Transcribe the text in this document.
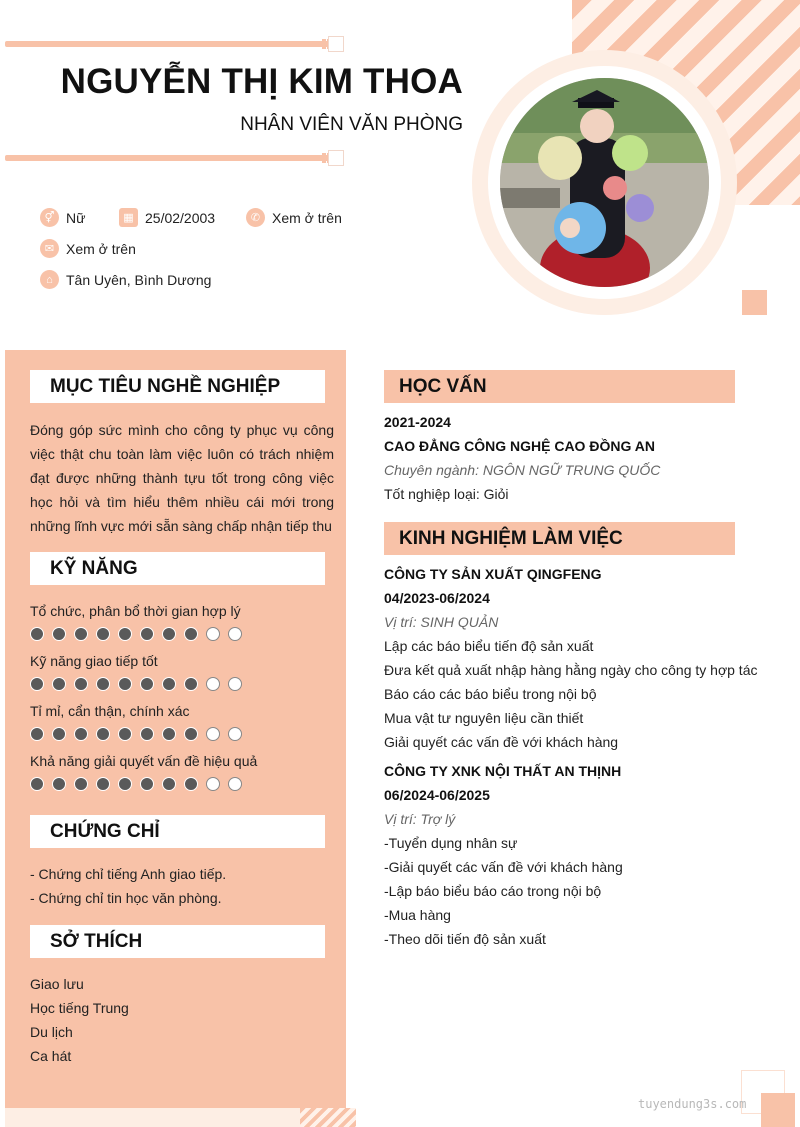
NGUYỄN THỊ KIM THOA
NHÂN VIÊN VĂN PHÒNG
⚥ Nữ	▦ 25/02/2003	✆ Xem ở trên
✉ Xem ở trên
⌂ Tân Uyên, Bình Dương
MỤC TIÊU NGHỀ NGHIỆP
Đóng góp sức mình cho công ty phục vụ công việc thật chu toàn làm việc luôn có trách nhiệm đạt được những thành tựu tốt trong công việc học hỏi và tìm hiểu thêm nhiều cái mới trong những lĩnh vực mới sẵn sàng chấp nhận tiếp thu
KỸ NĂNG
Tổ chức, phân bổ thời gian hợp lý
Kỹ năng giao tiếp tốt
Tỉ mỉ, cẩn thận, chính xác
Khả năng giải quyết vấn đề hiệu quả
CHỨNG CHỈ
- Chứng chỉ tiếng Anh giao tiếp.
- Chứng chỉ tin học văn phòng.
SỞ THÍCH
Giao lưu
Học tiếng Trung
Du lịch
Ca hát
HỌC VẤN
2021-2024
CAO ĐẲNG CÔNG NGHỆ CAO ĐỒNG AN
Chuyên ngành: NGÔN NGỮ TRUNG QUỐC
Tốt nghiệp loại: Giỏi
KINH NGHIỆM LÀM VIỆC
CÔNG TY SẢN XUẤT QINGFENG
04/2023-06/2024
Vị trí: SINH QUẢN
Lập các báo biểu tiến độ sản xuất
Đưa kết quả xuất nhập hàng hằng ngày cho công ty hợp tác
Báo cáo các báo biểu trong nội bộ
Mua vật tư nguyên liệu cần thiết
Giải quyết các vấn đề với khách hàng
CÔNG TY XNK NỘI THẤT AN THỊNH
06/2024-06/2025
Vị trí: Trợ lý
-Tuyển dụng nhân sự
-Giải quyết các vấn đề với khách hàng
-Lập báo biểu báo cáo trong nội bộ
-Mua hàng
-Theo dõi tiến độ sản xuất
tuyendung3s.com
